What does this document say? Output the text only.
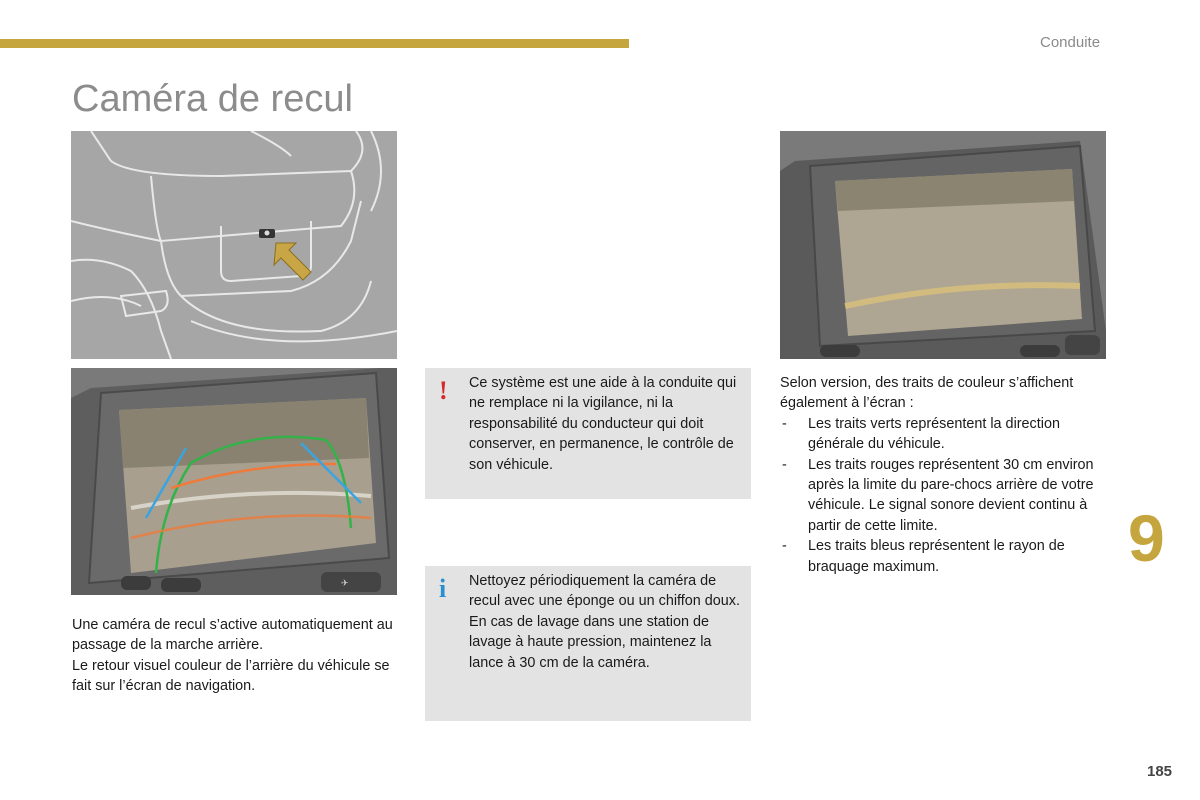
Conduite
Caméra de recul
✈

Une caméra de recul s’active automatiquement au passage de la marche arrière.

Le retour visuel couleur de l’arrière du véhicule se fait sur l’écran de navigation.

! Ce système est une aide à la conduite qui ne remplace ni la vigilance, ni la responsabilité du conducteur qui doit conserver, en permanence, le contrôle de son véhicule.

i Nettoyez périodiquement la caméra de recul avec une éponge ou un chiffon doux.

En cas de lavage dans une station de lavage à haute pression, maintenez la lance à 30 cm de la caméra.

Selon version, des traits de couleur s’affichent également à l’écran :

- Les traits verts représentent la direction générale du véhicule.
- Les traits rouges représentent 30 cm environ après la limite du pare-chocs arrière de votre véhicule. Le signal sonore devient continu à partir de cette limite.
- Les traits bleus représentent le rayon de braquage maximum.	9
185
